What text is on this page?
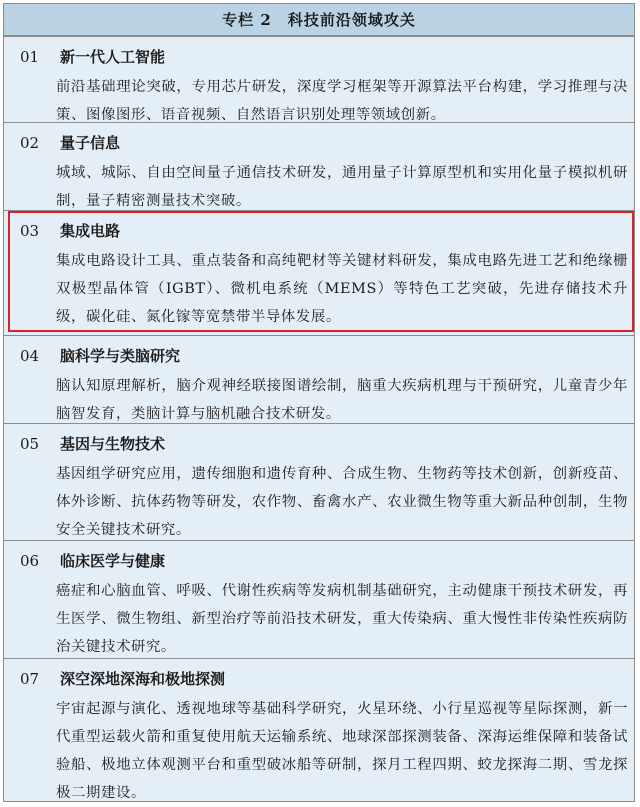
专栏 2　科技前沿领域攻关
01 新一代人工智能
前沿基础理论突破，专用芯片研发，深度学习框架等开源算法平台构建，学习推理与决策、图像图形、语音视频、自然语言识别处理等领域创新。
02 量子信息
城域、城际、自由空间量子通信技术研发，通用量子计算原型机和实用化量子模拟机研制，量子精密测量技术突破。
03 集成电路
集成电路设计工具、重点装备和高纯靶材等关键材料研发，集成电路先进工艺和绝缘栅双极型晶体管（IGBT）、微机电系统（MEMS）等特色工艺突破，先进存储技术升级，碳化硅、氮化镓等宽禁带半导体发展。
04 脑科学与类脑研究
脑认知原理解析，脑介观神经联接图谱绘制，脑重大疾病机理与干预研究，儿童青少年脑智发育，类脑计算与脑机融合技术研发。
05 基因与生物技术
基因组学研究应用，遗传细胞和遗传育种、合成生物、生物药等技术创新，创新疫苗、体外诊断、抗体药物等研发，农作物、畜禽水产、农业微生物等重大新品种创制，生物安全关键技术研究。
06 临床医学与健康
癌症和心脑血管、呼吸、代谢性疾病等发病机制基础研究，主动健康干预技术研发，再生医学、微生物组、新型治疗等前沿技术研发，重大传染病、重大慢性非传染性疾病防治关键技术研究。
07 深空深地深海和极地探测
宇宙起源与演化、透视地球等基础科学研究，火星环绕、小行星巡视等星际探测，新一代重型运载火箭和重复使用航天运输系统、地球深部探测装备、深海运维保障和装备试验船、极地立体观测平台和重型破冰船等研制，探月工程四期、蛟龙探海二期、雪龙探极二期建设。
